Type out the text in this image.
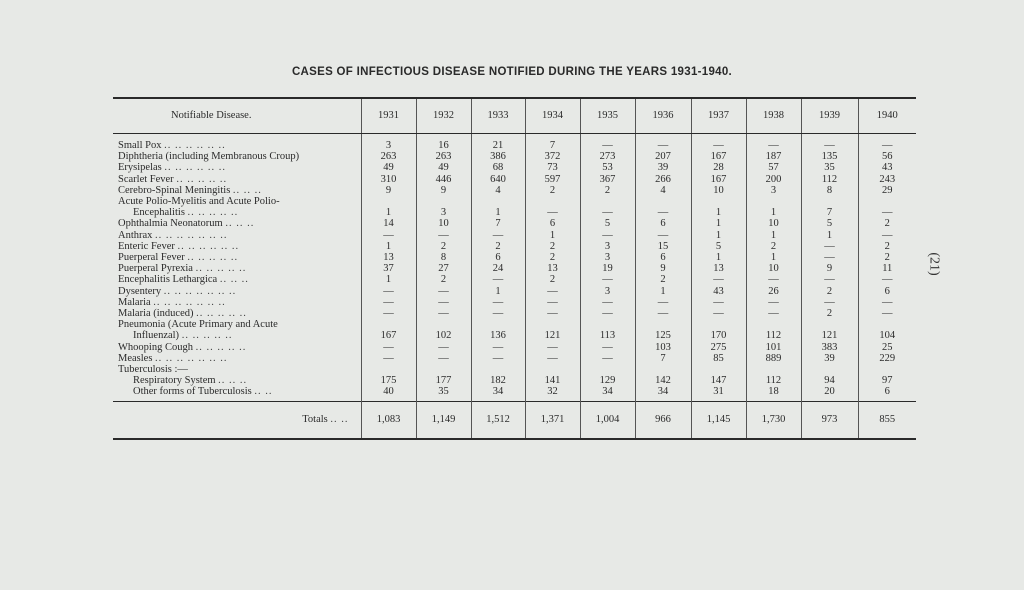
CASES OF INFECTIOUS DISEASE NOTIFIED DURING THE YEARS 1931-1940.
(21)
Notifiable Disease.	1931	1932	1933	1934	1935	1936	1937	1938	1939	1940

Small Pox .. .. .. .. .. ..	3	16	21	7	—	—	—	—	—	—
Diphtheria (including Membranous Croup)	263	263	386	372	273	207	167	187	135	56
Erysipelas .. .. .. .. .. ..	49	49	68	73	53	39	28	57	35	43
Scarlet Fever .. .. .. .. ..	310	446	640	597	367	266	167	200	112	243
Cerebro-Spinal Meningitis .. .. ..	9	9	4	2	2	4	10	3	8	29
Acute Polio-Myelitis and Acute Polio-										
Encephalitis .. .. .. .. ..	1	3	1	—	—	—	1	1	7	—
Ophthalmia Neonatorum .. .. ..	14	10	7	6	5	6	1	10	5	2
Anthrax .. .. .. .. .. .. ..	—	—	—	1	—	—	1	1	1	—
Enteric Fever .. .. .. .. .. ..	1	2	2	2	3	15	5	2	—	2
Puerperal Fever .. .. .. .. ..	13	8	6	2	3	6	1	1	—	2
Puerperal Pyrexia .. .. .. .. ..	37	27	24	13	19	9	13	10	9	11
Encephalitis Lethargica .. .. ..	1	2	—	2	—	2	—	—	—	—
Dysentery .. .. .. .. .. .. ..	—	—	1	—	3	1	43	26	2	6
Malaria .. .. .. .. .. .. ..	—	—	—	—	—	—	—	—	—	—
Malaria (induced) .. .. .. .. ..	—	—	—	—	—	—	—	—	2	—
Pneumonia (Acute Primary and Acute										
Influenzal) .. .. .. .. ..	167	102	136	121	113	125	170	112	121	104
Whooping Cough .. .. .. .. ..	—	—	—	—	—	103	275	101	383	25
Measles .. .. .. .. .. .. ..	—	—	—	—	—	7	85	889	39	229
Tuberculosis :—										
Respiratory System .. .. ..	175	177	182	141	129	142	147	112	94	97
Other forms of Tuberculosis .. ..	40	35	34	32	34	34	31	18	20	6
Totals .. ..	1,083	1,149	1,512	1,371	1,004	966	1,145	1,730	973	855
